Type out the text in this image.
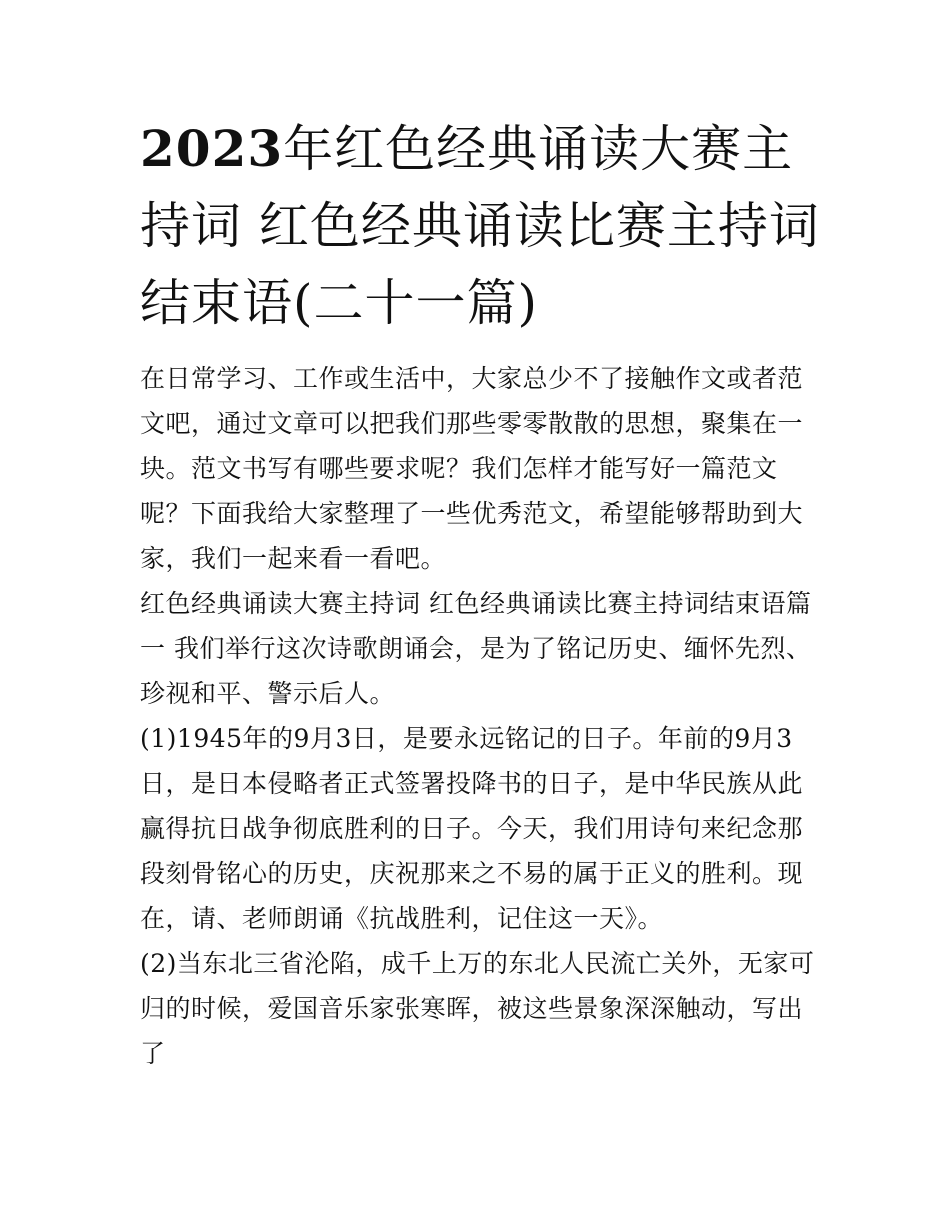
2023年红色经典诵读大赛主持词 红色经典诵读比赛主持词结束语(二十一篇)

在日常学习、工作或生活中，大家总少不了接触作文或者范文吧，通过文章可以把我们那些零零散散的思想，聚集在一块。范文书写有哪些要求呢？我们怎样才能写好一篇范文呢？下面我给大家整理了一些优秀范文，希望能够帮助到大家，我们一起来看一看吧。

红色经典诵读大赛主持词 红色经典诵读比赛主持词结束语篇一 我们举行这次诗歌朗诵会，是为了铭记历史、缅怀先烈、珍视和平、警示后人。

(1)1945年的9月3日，是要永远铭记的日子。年前的9月3日，是日本侵略者正式签署投降书的日子，是中华民族从此赢得抗日战争彻底胜利的日子。今天，我们用诗句来纪念那段刻骨铭心的历史，庆祝那来之不易的属于正义的胜利。现在，请、老师朗诵《抗战胜利，记住这一天》。

(2)当东北三省沦陷，成千上万的东北人民流亡关外，无家可归的时候，爱国音乐家张寒晖，被这些景象深深触动，写出了
